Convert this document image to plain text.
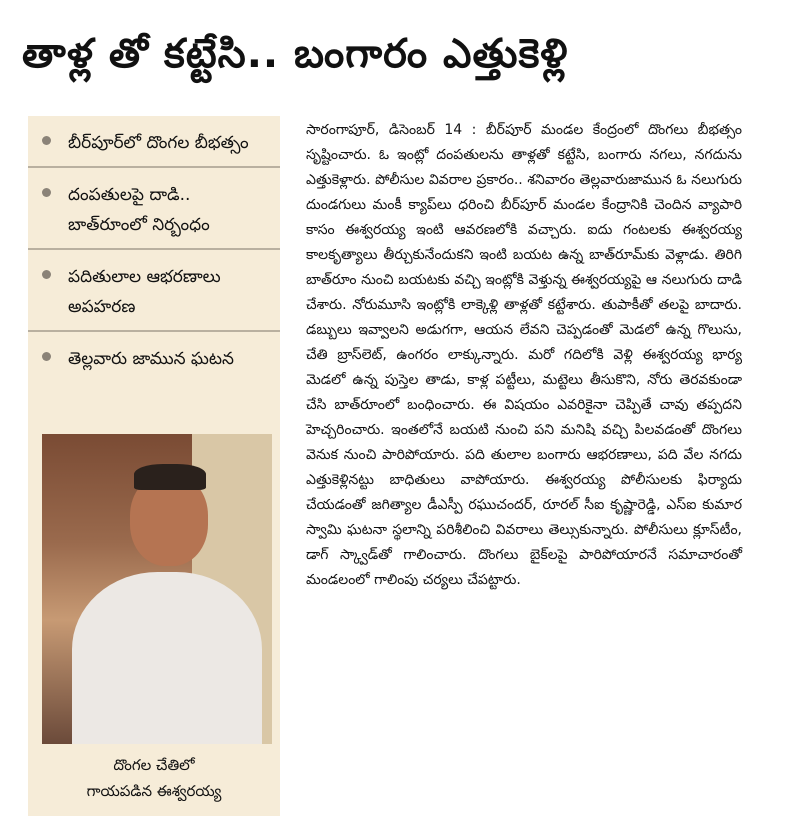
తాళ్ల తో కట్టేసి.. బంగారం ఎత్తుకెళ్లి
బీర్‌పూర్‌లో దొంగల బీభత్సం
దంపతులపై దాడి.. బాత్‌రూంలో నిర్బంధం
పదితులాల ఆభరణాలు అపహరణ
తెల్లవారు జామున ఘటన
దొంగల చేతిలో
గాయపడిన ఈశ్వరయ్య
సారంగాపూర్, డిసెంబర్ 14 : బీర్‌పూర్ మండల కేంద్రంలో దొంగలు బీభత్సం సృష్టించారు. ఓ ఇంట్లో దంపతులను తాళ్లతో కట్టేసి, బంగారు నగలు, నగదును ఎత్తుకెళ్లారు. పోలీసుల వివరాల ప్రకారం.. శనివారం తెల్లవారుజామున ఓ నలుగురు దుండగులు మంకీ క్యాప్‌లు ధరించి బీర్‌పూర్ మండల కేంద్రానికి చెందిన వ్యాపారి కాసం ఈశ్వరయ్య ఇంటి ఆవరణలోకి వచ్చారు. ఐదు గంటలకు ఈశ్వరయ్య కాలకృత్యాలు తీర్చుకునేందుకని ఇంటి బయట ఉన్న బాత్‌రూమ్‌కు వెళ్లాడు. తిరిగి బాత్‌రూం నుంచి బయటకు వచ్చి ఇంట్లోకి వెళ్తున్న ఈశ్వరయ్యపై ఆ నలుగురు దాడి చేశారు. నోరుమూసి ఇంట్లోకి లాక్కెళ్లి తాళ్లతో కట్టేశారు. తుపాకీతో తలపై బాదారు. డబ్బులు ఇవ్వాలని అడుగగా, ఆయన లేవని చెప్పడంతో మెడలో ఉన్న గొలుసు, చేతి బ్రాస్‌లెట్, ఉంగరం లాక్కున్నారు. మరో గదిలోకి వెళ్లి ఈశ్వరయ్య భార్య మెడలో ఉన్న పుస్తెల తాడు, కాళ్ల పట్టీలు, మట్టెలు తీసుకొని, నోరు తెరవకుండా చేసి బాత్‌రూంలో బంధించారు. ఈ విషయం ఎవరికైనా చెప్పితే చావు తప్పదని హెచ్చరించారు. ఇంతలోనే బయటి నుంచి పని మనిషి వచ్చి పిలవడంతో దొంగలు వెనుక నుంచి పారిపోయారు. పది తులాల బంగారు ఆభరణాలు, పది వేల నగదు ఎత్తుకెళ్లినట్టు బాధితులు వాపోయారు. ఈశ్వరయ్య పోలీసులకు ఫిర్యాదు చేయడంతో జగిత్యాల డీఎస్పీ రఘుచందర్, రూరల్ సీఐ కృష్ణారెడ్డి, ఎస్ఐ కుమార స్వామి ఘటనా స్థలాన్ని పరిశీలించి వివరాలు తెల్సుకున్నారు. పోలీసులు క్లూస్‌టీం, డాగ్ స్క్వాడ్‌తో గాలించారు. దొంగలు బైక్‌లపై పారిపోయారనే సమాచారంతో మండలంలో గాలింపు చర్యలు చేపట్టారు.
